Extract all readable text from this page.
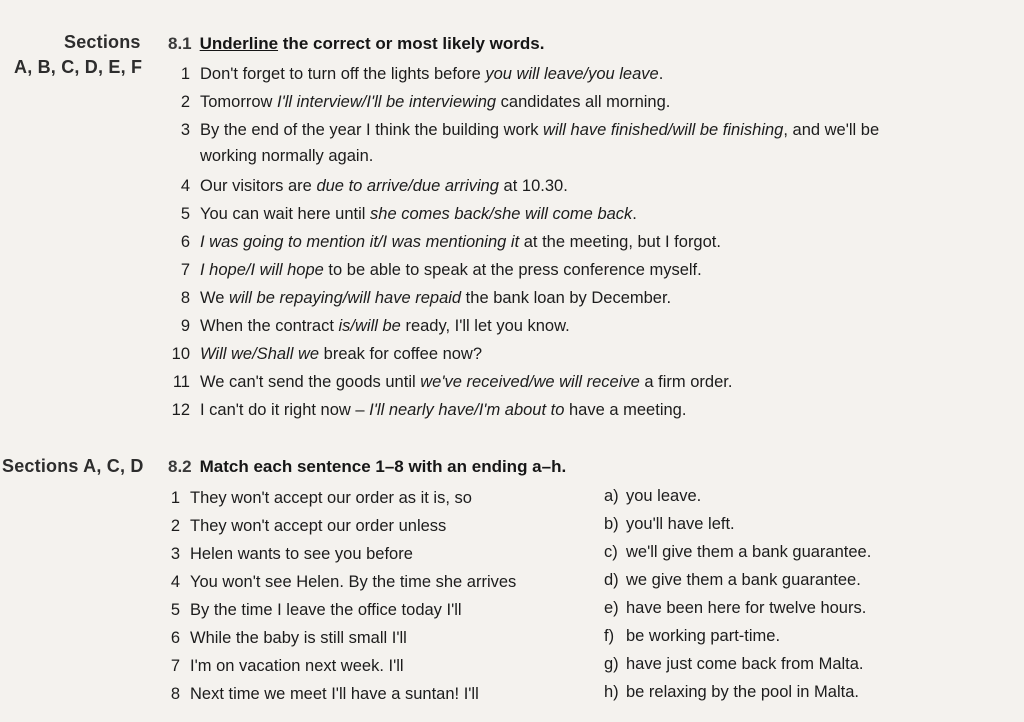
Sections
A, B, C, D, E, F
8.1 Underline the correct or most likely words.
1 Don't forget to turn off the lights before you will leave/you leave.
2 Tomorrow I'll interview/I'll be interviewing candidates all morning.
3 By the end of the year I think the building work will have finished/will be finishing, and we'll be
4 Our visitors are due to arrive/due arriving at 10.30.
5 You can wait here until she comes back/she will come back.
6 I was going to mention it/I was mentioning it at the meeting, but I forgot.
7 I hope/I will hope to be able to speak at the press conference myself.
8 We will be repaying/will have repaid the bank loan by December.
9 When the contract is/will be ready, I'll let you know.
10 Will we/Shall we break for coffee now?
11 We can't send the goods until we've received/we will receive a firm order.
12 I can't do it right now – I'll nearly have/I'm about to have a meeting.
working normally again.
Sections A, C, D 8.2 Match each sentence 1–8 with an ending a–h.
1 They won't accept our order as it is, so
2 They won't accept our order unless
3 Helen wants to see you before
4 You won't see Helen. By the time she arrives
5 By the time I leave the office today I'll
6 While the baby is still small I'll
7 I'm on vacation next week. I'll
8 Next time we meet I'll have a suntan! I'll
a) you leave.
b) you'll have left.
c) we'll give them a bank guarantee.
d) we give them a bank guarantee.
e) have been here for twelve hours.
f) be working part-time.
g) have just come back from Malta.
h) be relaxing by the pool in Malta.
